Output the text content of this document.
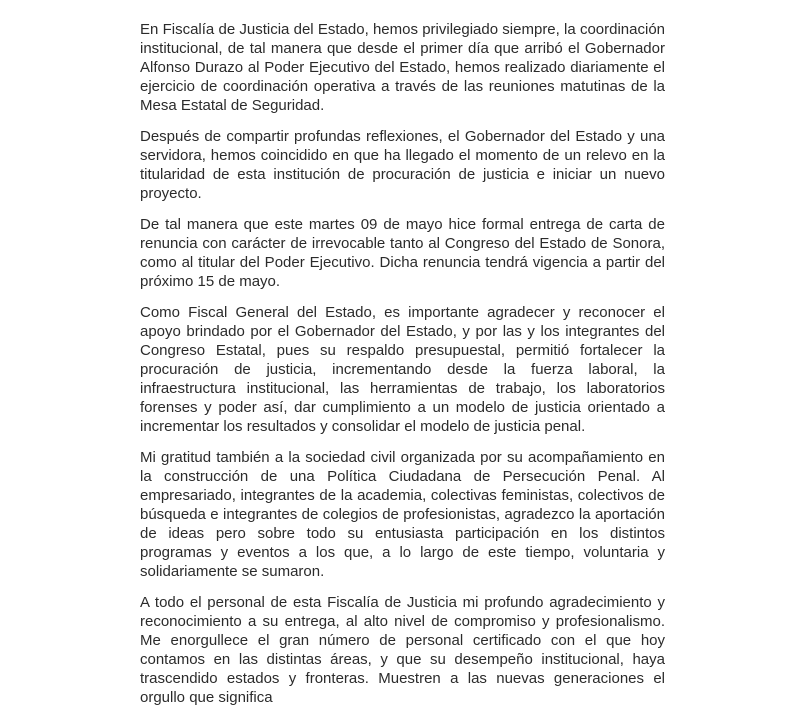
En Fiscalía de Justicia del Estado, hemos privilegiado siempre, la coordinación institucional, de tal manera que desde el primer día que arribó el Gobernador Alfonso Durazo al Poder Ejecutivo del Estado, hemos realizado diariamente el ejercicio de coordinación operativa a través de las reuniones matutinas de la Mesa Estatal de Seguridad.

Después de compartir profundas reflexiones, el Gobernador del Estado y una servidora, hemos coincidido en que ha llegado el momento de un relevo en la titularidad de esta institución de procuración de justicia e iniciar un nuevo proyecto.

De tal manera que este martes 09 de mayo hice formal entrega de carta de renuncia con carácter de irrevocable tanto al Congreso del Estado de Sonora, como al titular del Poder Ejecutivo. Dicha renuncia tendrá vigencia a partir del próximo 15 de mayo.

Como Fiscal General del Estado, es importante agradecer y reconocer el apoyo brindado por el Gobernador del Estado, y por las y los integrantes del Congreso Estatal, pues su respaldo presupuestal, permitió fortalecer la procuración de justicia, incrementando desde la fuerza laboral, la infraestructura institucional, las herramientas de trabajo, los laboratorios forenses y poder así, dar cumplimiento a un modelo de justicia orientado a incrementar los resultados y consolidar el modelo de justicia penal.

Mi gratitud también a la sociedad civil organizada por su acompañamiento en la construcción de una Política Ciudadana de Persecución Penal. Al empresariado, integrantes de la academia, colectivas feministas, colectivos de búsqueda e integrantes de colegios de profesionistas, agradezco la aportación de ideas pero sobre todo su entusiasta participación en los distintos programas y eventos a los que, a lo largo de este tiempo, voluntaria y solidariamente se sumaron.

A todo el personal de esta Fiscalía de Justicia mi profundo agradecimiento y reconocimiento a su entrega, al alto nivel de compromiso y profesionalismo. Me enorgullece el gran número de personal certificado con el que hoy contamos en las distintas áreas, y que su desempeño institucional, haya trascendido estados y fronteras. Muestren a las nuevas generaciones el orgullo que significa
